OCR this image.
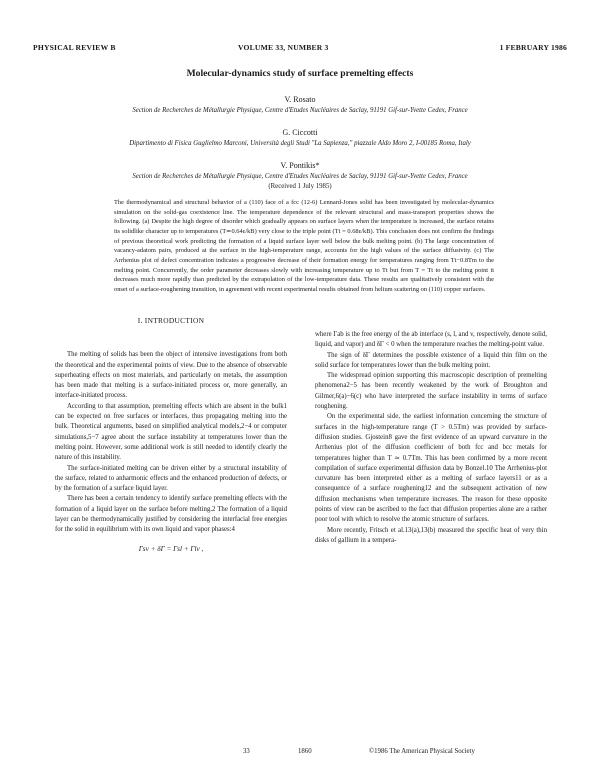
PHYSICAL REVIEW B	VOLUME 33, NUMBER 3	1 FEBRUARY 1986
Molecular-dynamics study of surface premelting effects
V. Rosato
Section de Recherches de Métallurgie Physique, Centre d'Etudes Nucléaires de Saclay, 91191 Gif-sur-Yvette Cedex, France
G. Ciccotti
Dipartimento di Fisica Guglielmo Marconi, Università degli Studi "La Sapienza," piazzale Aldo Moro 2, I-00185 Roma, Italy
V. Pontikis*
Section de Recherches de Métallurgie Physique, Centre d'Etudes Nucléaires de Saclay, 91191 Gif-sur-Yvette Cedex, France
(Received 1 July 1985)

The thermodynamical and structural behavior of a (110) face of a fcc (12-6) Lennard-Jones solid has been investigated by molecular-dynamics simulation on the solid-gas coexistence line. The temperature dependence of the relevant structural and mass-transport properties shows the following. (a) Despite the high degree of disorder which gradually appears on surface layers when the temperature is increased, the surface retains its solidlike character up to temperatures (T≃0.64ε/kB) very close to the triple point (Tt = 0.68ε/kB). This conclusion does not confirm the findings of previous theoretical work predicting the formation of a liquid surface layer well below the bulk melting point. (b) The large concentration of vacancy-adatom pairs, produced at the surface in the high-temperature range, accounts for the high values of the surface diffusivity. (c) The Arrhenius plot of defect concentration indicates a progressive decrease of their formation energy for temperatures ranging from Tt−0.8Tm to the melting point. Concurrently, the order parameter decreases slowly with increasing temperature up to Tt but from T = Tt to the melting point it decreases much more rapidly than predicted by the extrapolation of the low-temperature data. These results are qualitatively consistent with the onset of a surface-roughening transition, in agreement with recent experimental results obtained from helium scattering on (110) copper surfaces.

I. INTRODUCTION

The melting of solids has been the object of intensive investigations from both the theoretical and the experimental points of view. Due to the absence of observable superheating effects on most materials, and particularly on metals, the assumption has been made that melting is a surface-initiated process or, more generally, an interface-initiated process.

According to that assumption, premelting effects which are absent in the bulk1 can be expected on free surfaces or interfaces, thus propagating melting into the bulk. Theoretical arguments, based on simplified analytical models,2−4 or computer simulations,5−7 agree about the surface instability at temperatures lower than the melting point. However, some additional work is still needed to identify clearly the nature of this instability.

The surface-initiated melting can be driven either by a structural instability of the surface, related to anharmonic effects and the enhanced production of defects, or by the formation of a surface liquid layer.

There has been a certain tendency to identify surface premelting effects with the formation of a liquid layer on the surface before melting.2 The formation of a liquid layer can be thermodynamically justified by considering the interfacial free energies for the solid in equilibrium with its own liquid and vapor phases:4

Γsv + δΓ = Γsl + Γlv ,

where Γab is the free energy of the ab interface (s, l, and v, respectively, denote solid, liquid, and vapor) and δΓ < 0 when the temperature reaches the melting-point value.

The sign of δΓ determines the possible existence of a liquid thin film on the solid surface for temperatures lower than the bulk melting point.

The widespread opinion supporting this macroscopic description of premelting phenomena2−5 has been recently weakened by the work of Broughton and Gilmer,6(a)−6(c) who have interpreted the surface instability in terms of surface roughening.

On the experimental side, the earliest information concerning the structure of surfaces in the high-temperature range (T > 0.5Tm) was provided by surface-diffusion studies. Gjostein8 gave the first evidence of an upward curvature in the Arrhenius plot of the diffusion coefficient of both fcc and bcc metals for temperatures higher than T ≃ 0.7Tm. This has been confirmed by a more recent compilation of surface experimental diffusion data by Bonzel.10 The Arrhenius-plot curvature has been interpreted either as a melting of surface layers11 or as a consequence of a surface roughening12 and the subsequent activation of new diffusion mechanisms when temperature increases. The reason for these opposite points of view can be ascribed to the fact that diffusion properties alone are a rather poor tool with which to resolve the atomic structure of surfaces.

More recently, Fritsch et al.13(a),13(b) measured the specific heat of very thin disks of gallium in a tempera-

33	1860	©1986 The American Physical Society
